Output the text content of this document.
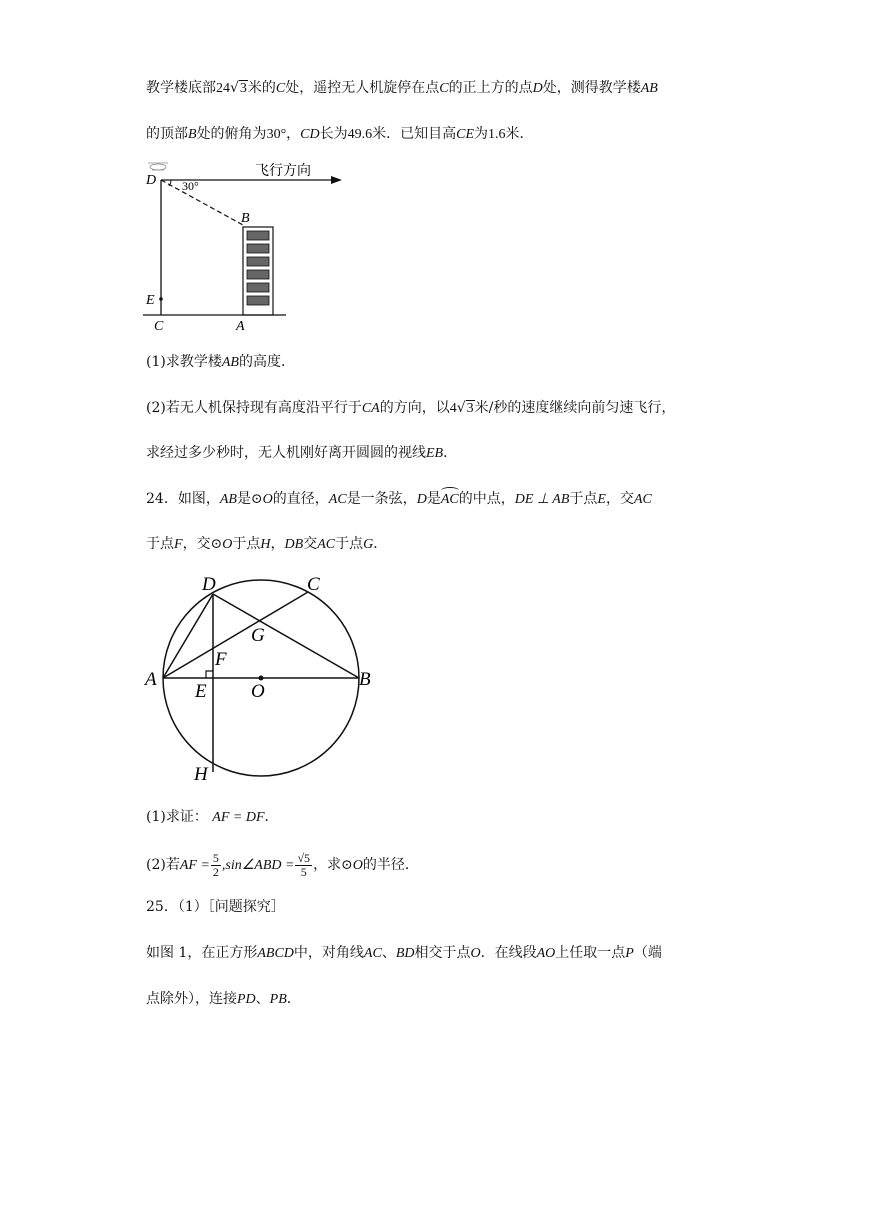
教学楼底部24√3米的C处，遥控无人机旋停在点C的正上方的点D处，测得教学楼AB
的顶部B处的俯角为30°，CD长为49.6米．已知目高CE为1.6米．
D 30°
飞行方向
B
E
C	A
(1)求教学楼AB的高度．
(2)若无人机保持现有高度沿平行于CA的方向，以4√3米/秒的速度继续向前匀速飞行，
求经过多少秒时，无人机刚好离开圆圆的视线EB．
24．如图，AB是⊙O的直径，AC是一条弦，D是AC的中点，DE ⊥ AB于点E，交AC
于点F，交⊙O于点H，DB交AC于点G．
D	C
G
F
A
E O
B
H
(1)求证： AF = DF．
(2)若AF = $\frac{5}{2}$ ,sin∠ABD = $\frac{√5}{5}$ ，求⊙O的半径．
25．（1）［问题探究］
如图 1，在正方形ABCD中，对角线AC、BD相交于点O．在线段AO上任取一点P（端
点除外），连接PD、PB．
